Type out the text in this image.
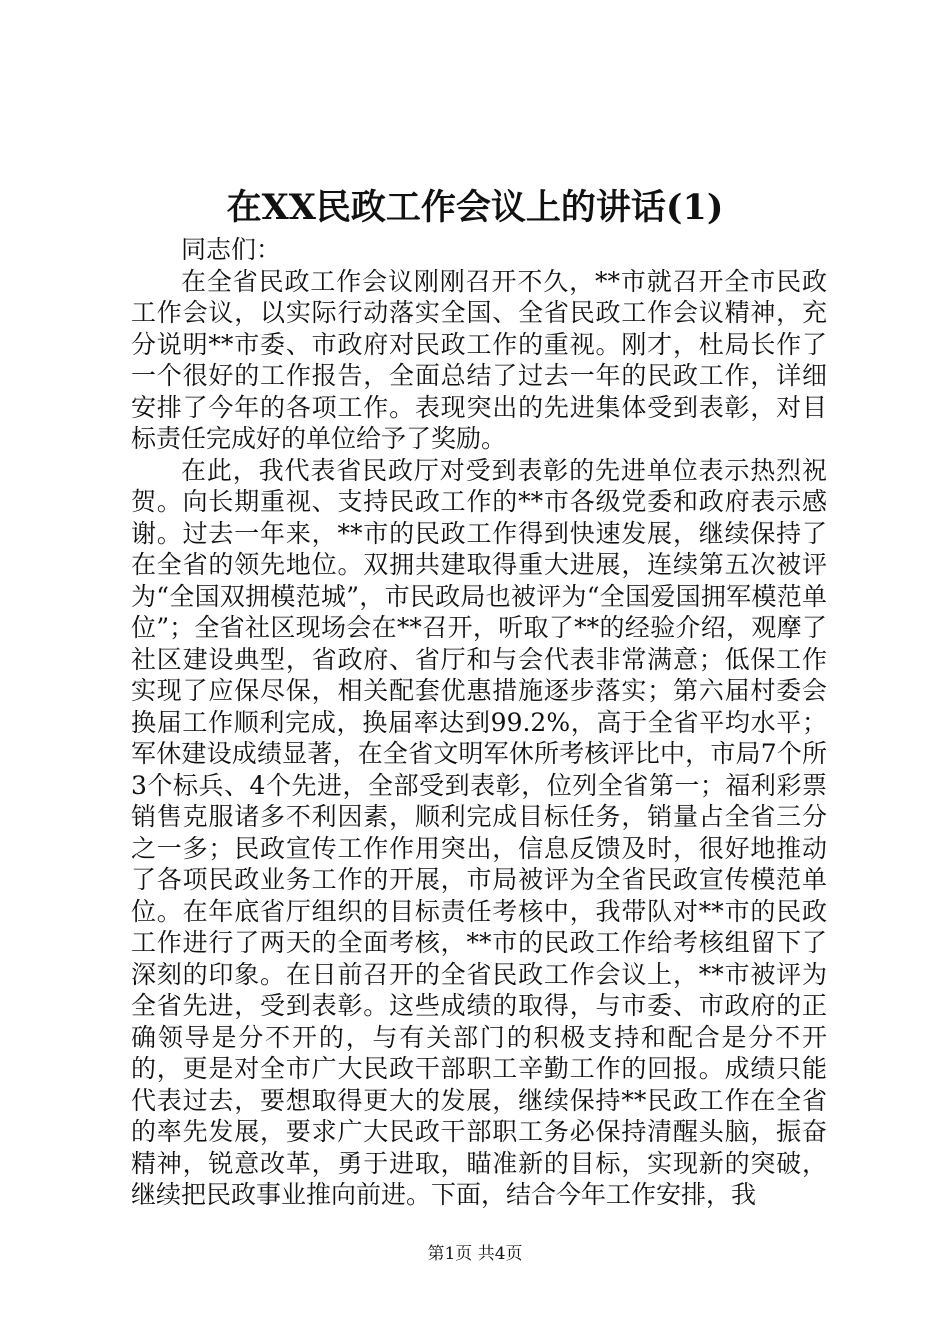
在XX民政工作会议上的讲话(1)

同志们：

在全省民政工作会议刚刚召开不久，**市就召开全市民政工作会议，以实际行动落实全国、全省民政工作会议精神，充分说明**市委、市政府对民政工作的重视。刚才，杜局长作了一个很好的工作报告，全面总结了过去一年的民政工作，详细安排了今年的各项工作。表现突出的先进集体受到表彰，对目标责任完成好的单位给予了奖励。

在此，我代表省民政厅对受到表彰的先进单位表示热烈祝贺。向长期重视、支持民政工作的**市各级党委和政府表示感谢。过去一年来，**市的民政工作得到快速发展，继续保持了在全省的领先地位。双拥共建取得重大进展，连续第五次被评为“全国双拥模范城”，市民政局也被评为“全国爱国拥军模范单位”；全省社区现场会在**召开，听取了**的经验介绍，观摩了社区建设典型，省政府、省厅和与会代表非常满意；低保工作实现了应保尽保，相关配套优惠措施逐步落实；第六届村委会换届工作顺利完成，换届率达到99.2%，高于全省平均水平；军休建设成绩显著，在全省文明军休所考核评比中，市局7个所3个标兵、4个先进，全部受到表彰，位列全省第一；福利彩票销售克服诸多不利因素，顺利完成目标任务，销量占全省三分之一多；民政宣传工作作用突出，信息反馈及时，很好地推动了各项民政业务工作的开展，市局被评为全省民政宣传模范单位。在年底省厅组织的目标责任考核中，我带队对**市的民政工作进行了两天的全面考核，**市的民政工作给考核组留下了深刻的印象。在日前召开的全省民政工作会议上，**市被评为全省先进，受到表彰。这些成绩的取得，与市委、市政府的正确领导是分不开的，与有关部门的积极支持和配合是分不开的，更是对全市广大民政干部职工辛勤工作的回报。成绩只能代表过去，要想取得更大的发展，继续保持**民政工作在全省的率先发展，要求广大民政干部职工务必保持清醒头脑，振奋精神，锐意改革，勇于进取，瞄准新的目标，实现新的突破，继续把民政事业推向前进。下面，结合今年工作安排，我

第1页 共4页
